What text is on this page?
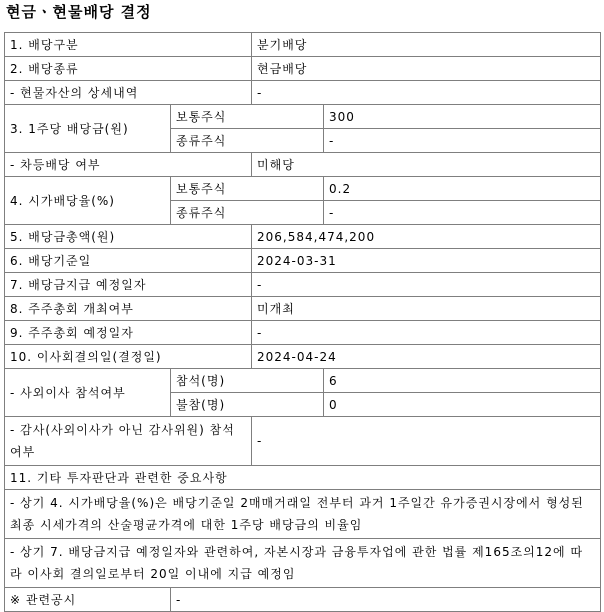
현금ㆍ현물배당 결정
1. 배당구분		분기배당	
2. 배당종류		현금배당	
- 현물자산의 상세내역		-	
3. 1주당 배당금(원)	보통주식		300
	종류주식		-
- 차등배당 여부		미해당	
4. 시가배당율(%)	보통주식		0.2
	종류주식		-
5. 배당금총액(원)		206,584,474,200	
6. 배당기준일		2024-03-31	
7. 배당금지급 예정일자		-	
8. 주주총회 개최여부		미개최	
9. 주주총회 예정일자		-	
10. 이사회결의일(결정일)		2024-04-24	
- 사외이사 참석여부	참석(명)		6
	불참(명)		0
- 감사(사외이사가 아닌 감사위원) 참석여부		-	
11. 기타 투자판단과 관련한 중요사항			
- 상기 4. 시가배당율(%)은 배당기준일 2매매거래일 전부터 과거 1주일간 유가증권시장에서 형성된 최종 시세가격의 산술평균가격에 대한 1주당 배당금의 비율임			
- 상기 7. 배당금지급 예정일자와 관련하여, 자본시장과 금융투자업에 관한 법률 제165조의12에 따라 이사회 결의일로부터 20일 이내에 지급 예정임			
※ 관련공시	-		
